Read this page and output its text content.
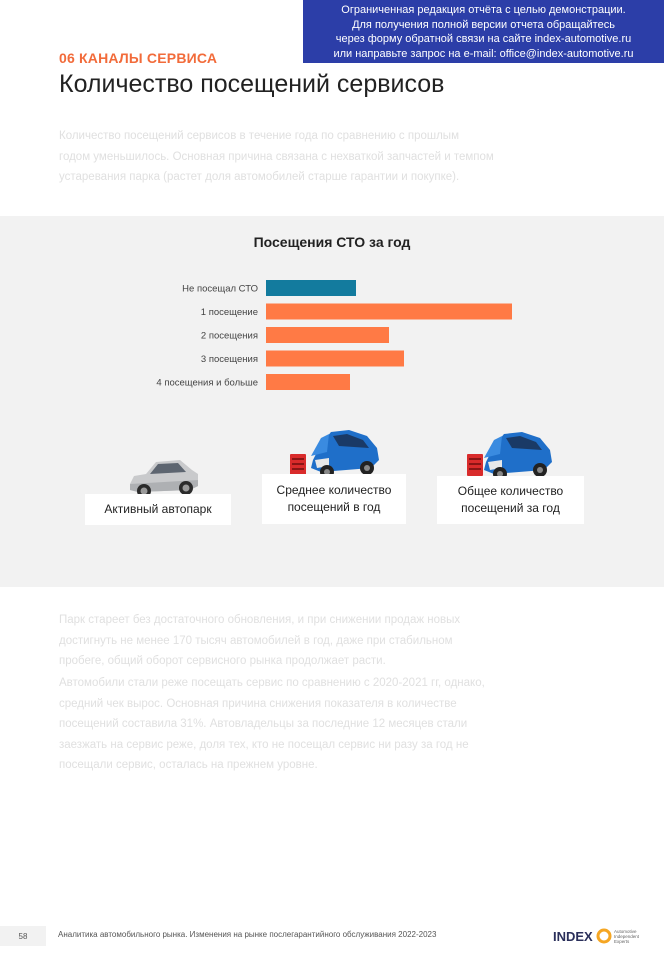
Ограниченная редакция отчёта с целью демонстрации.
Для получения полной версии отчета обращайтесь
через форму обратной связи на сайте index-automotive.ru
или направьте запрос на e-mail: office@index-automotive.ru
06 КАНАЛЫ СЕРВИСА
Количество посещений сервисов
Количество посещений сервисов в течение года по сравнению с прошлым
годом уменьшилось. Основная причина связана с нехваткой запчастей и темпом
устаревания парка (растет доля автомобилей старше гарантии и покупке).
Посещения СТО за год
Не посещал СТО
1 посещение
2 посещения
3 посещения
4 посещения и больше
Активный автопарк
Среднее количество
посещений в год
Общее количество
посещений за год
Парк стареет без достаточного обновления, и при снижении продаж новых
достигнуть не менее 170 тысяч автомобилей в год, даже при стабильном
пробеге, общий оборот сервисного рынка продолжает расти.
Автомобили стали реже посещать сервис по сравнению с 2020-2021 гг, однако,
средний чек вырос. Основная причина снижения показателя в количестве
посещений составила 31%. Автовладельцы за последние 12 месяцев стали
заезжать на сервис реже, доля тех, кто не посещал сервис ни разу за год не
посещали сервис, осталась на прежнем уровне.
58	Аналитика автомобильного рынка. Изменения на рынке послегарантийного обслуживания 2022-2023	INDEX	Automotive
Independent
Experts
